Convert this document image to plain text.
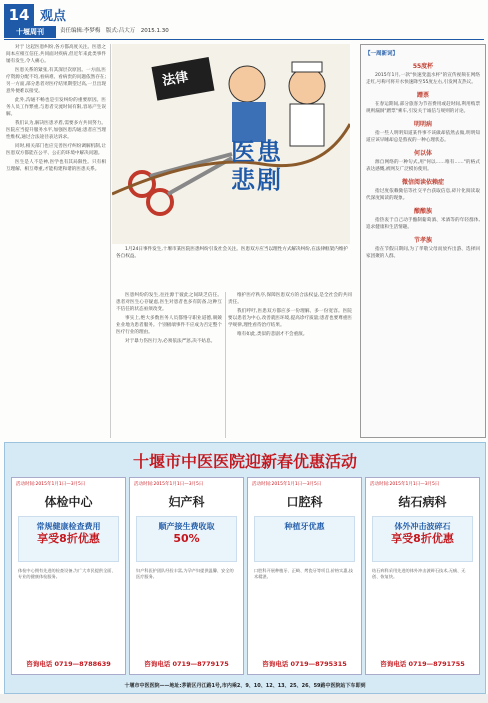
14
十堰周刊
观点
责任编辑:李梦梅　版式:吕大万　2015.1.30

对于 这起医患纠纷,各方都高度关注。医患之间本应相互信任,共同面对疾病,但近年来此类事件屡有发生,令人痛心。

医患关系的紧张,有其深层次原因。一方面,医疗资源分配不均,看病难、看病贵的问题依然存在;另一方面,部分患者对医疗结果期望过高,一旦出现意外便难以接受。

此外,沟通不畅也是引发纠纷的重要原因。医务人员工作繁重,与患者交流时间有限,容易产生误解。

我们认为,解决医患矛盾,需要多方共同努力。医院应当提升服务水平,加强医患沟通;患者应当理性维权,通过合法途径表达诉求。

同时,相关部门也应完善医疗纠纷调解机制,让医患双方都能在公平、公正的环境中解决问题。

医生是人不是神,医学也有其局限性。只有相互理解、相互尊重,才能构建和谐的医患关系。

法律
医患悲剧
1月24日事件发生,十堰市某医院医患纠纷引发社会关注。医患双方应当以理性方式解决纠纷,在法律框架内维护各自权益。

医患纠纷的发生,往往源于彼此之间缺乏信任。患者对医生心存疑虑,医生对患者也多有防备,这种互不信任的状态亟须改变。

事实上,绝大多数医务人员都恪守职业道德,兢兢业业地为患者服务。个别极端事件不应成为否定整个医疗行业的理由。

对于暴力伤医行为,必须依法严惩,决不姑息。

维护医疗秩序,保障医患双方的合法权益,是全社会的共同责任。

我们呼吁,医患双方都应多一份理解、多一份宽容。医院要以患者为中心,改善就医环境,提高诊疗质量;患者也要尊重医学规律,理性看待治疗结果。

唯有如此,类似的悲剧才不会重演。

【一周新词】
55度杯
2015年1月,一款"快速变温水杯"的宣传视频在网络走红,号称可将开水快速降至55度左右,引发网友热议。
蹭票
在春运期间,部分旅客为节省费用或赶时间,利用购票规则漏洞"蹭票"乘车,引发关于诚信与规则的讨论。
明明病
指一些人明明知道某件事不该做却依然去做,明明知道应该早睡却总是熬夜的一种心理状态。
何以体
源自网络的一种句式,用"何以……唯有……"的格式表达感慨,被网友广泛模仿使用。
微信阅读依赖症
指过度依赖微信等社交平台获取信息,碎片化阅读取代深度阅读的现象。
酿酿族
指热衷于自己动手酿制葡萄酒、米酒等的年轻群体,追求健康和生活情趣。
节孝族
指在节假日期间,为了孝敬父母而放弃出游、选择回家团聚的人群。
十堰市中医医院迎新春优惠活动
活动时间:2015年1月1日—3月5日
体检中心
常规健康检查费用
享受8折优惠
体检中心拥有先进的检查设备,为广大市民提供全面、专业的健康体检服务。
咨询电话 0719—8788639
活动时间:2015年1月1日—3月5日
妇产科
顺产接生费收取
50%
妇产科医护团队经验丰富,为孕产妇提供温馨、安全的医疗服务。
咨询电话 0719—8779175
活动时间:2015年1月1日—3月5日
口腔科
种植牙优惠
口腔科开展种植牙、正畸、烤瓷牙等项目,价格实惠,技术精湛。
咨询电话 0719—8795315
活动时间:2015年1月1日—3月5日
结石病科
体外冲击波碎石
享受8折优惠
结石病科采用先进的体外冲击波碎石技术,无痛、无创、恢复快。
咨询电话 0719—8791755
十堰市中医医院——地址:茅箭区丹江路1号,市内乘2、9、10、12、13、25、26、59路中医院站下车即到
